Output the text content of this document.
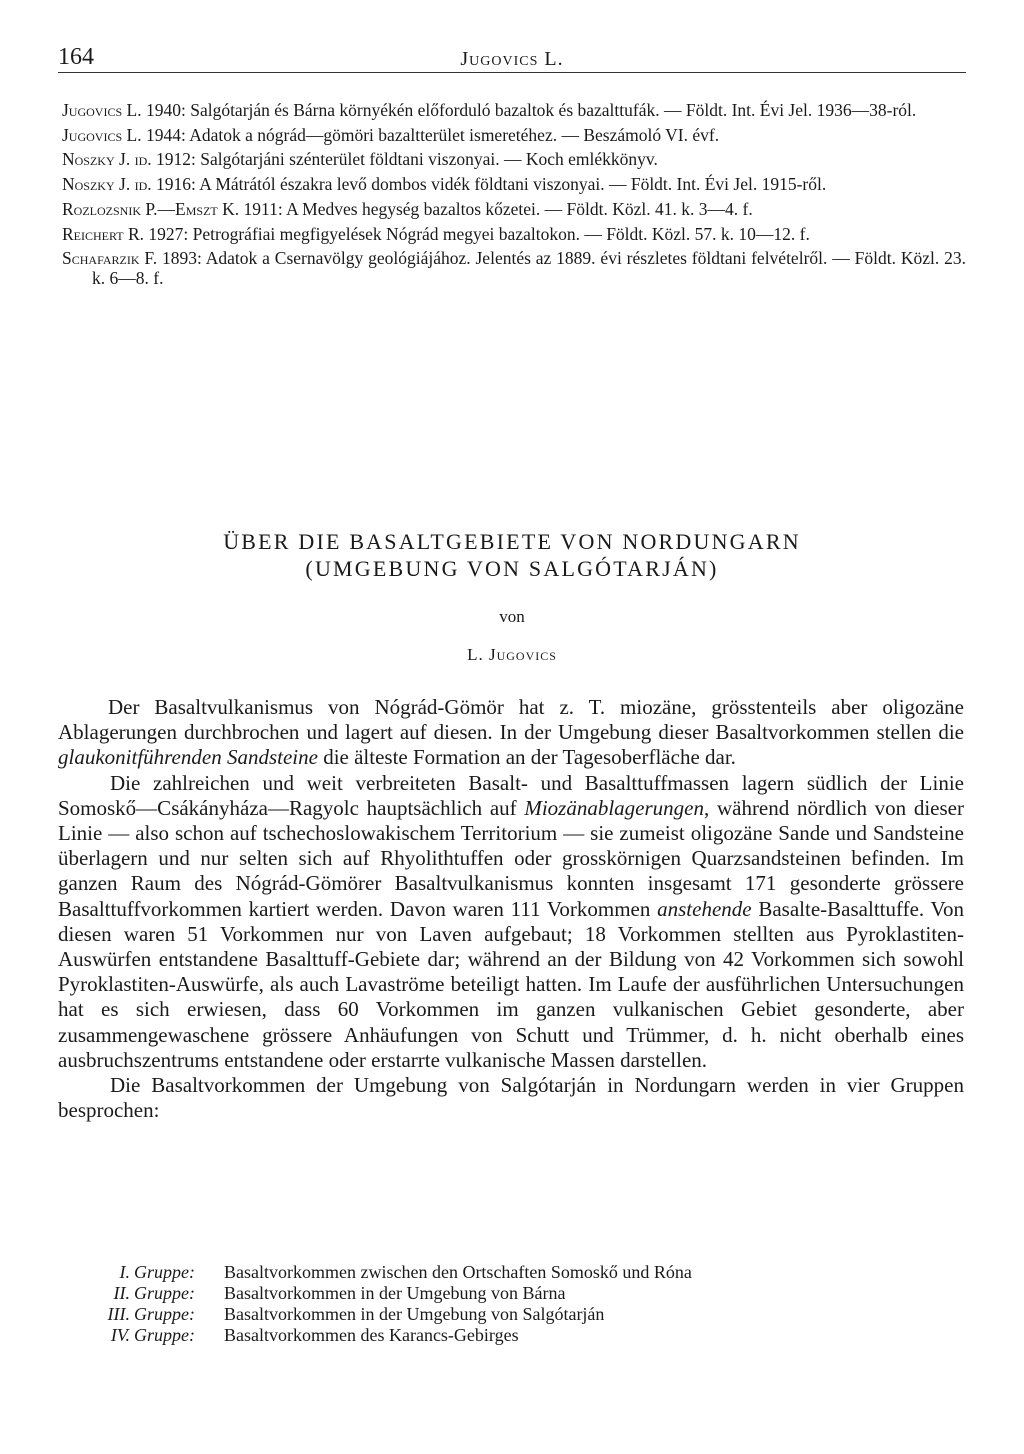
164	Jugovics L.
Jugovics L. 1940: Salgótarján és Bárna környékén előforduló bazaltok és bazalttufák. — Földt. Int. Évi Jel. 1936—38-ról.
Jugovics L. 1944: Adatok a nógrád—gömöri bazaltterület ismeretéhez. — Beszámoló VI. évf.
Noszky J. id. 1912: Salgótarjáni szénterület földtani viszonyai. — Koch emlékkönyv.
Noszky J. id. 1916: A Mátrától északra levő dombos vidék földtani viszonyai. — Földt. Int. Évi Jel. 1915-ről.
Rozlozsnik P.—Emszt K. 1911: A Medves hegység bazaltos kőzetei. — Földt. Közl. 41. k. 3—4. f.
Reichert R. 1927: Petrográfiai megfigyelések Nógrád megyei bazaltokon. — Földt. Közl. 57. k. 10—12. f.
Schafarzik F. 1893: Adatok a Csernavölgy geológiájához. Jelentés az 1889. évi részletes földtani felvételről. — Földt. Közl. 23. k. 6—8. f.
ÜBER DIE BASALTGEBIETE VON NORDUNGARN
(UMGEBUNG VON SALGÓTARJÁN)
von
L. Jugovics

Der Basaltvulkanismus von Nógrád-Gömör hat z. T. miozäne, grösstenteils aber oligozäne Ablagerungen durchbrochen und lagert auf diesen. In der Umgebung dieser Basaltvorkommen stellen die glaukonitführenden Sandsteine die älteste Formation an der Tagesoberfläche dar.

Die zahlreichen und weit verbreiteten Basalt- und Basalttuffmassen lagern südlich der Linie Somoskő—Csákányháza—Ragyolc hauptsächlich auf Miozänablagerungen, während nördlich von dieser Linie — also schon auf tschechoslowakischem Territorium — sie zumeist oligozäne Sande und Sandsteine überlagern und nur selten sich auf Rhyolithtuffen oder grosskörnigen Quarzsandsteinen befinden. Im ganzen Raum des Nógrád-Gömörer Basaltvulkanismus konnten insgesamt 171 gesonderte grössere Basalttuffvorkommen kartiert werden. Davon waren 111 Vorkommen anstehende Basalte-Basalttuffe. Von diesen waren 51 Vorkommen nur von Laven aufgebaut; 18 Vorkommen stellten aus Pyroklastiten-Auswürfen entstandene Basalttuff-Gebiete dar; während an der Bildung von 42 Vorkommen sich sowohl Pyroklastiten-Auswürfe, als auch Lavaströme beteiligt hatten. Im Laufe der ausführlichen Untersuchungen hat es sich erwiesen, dass 60 Vorkommen im ganzen vulkanischen Gebiet gesonderte, aber zusammengewaschene grössere Anhäufungen von Schutt und Trümmer, d. h. nicht oberhalb eines ausbruchszentrums entstandene oder erstarrte vulkanische Massen darstellen.

Die Basaltvorkommen der Umgebung von Salgótarján in Nordungarn werden in vier Gruppen besprochen:

I.	Gruppe:	Basaltvorkommen zwischen den Ortschaften Somoskő und Róna
II.	Gruppe:	Basaltvorkommen in der Umgebung von Bárna
III.	Gruppe:	Basaltvorkommen in der Umgebung von Salgótarján
IV.	Gruppe:	Basaltvorkommen des Karancs-Gebirges
